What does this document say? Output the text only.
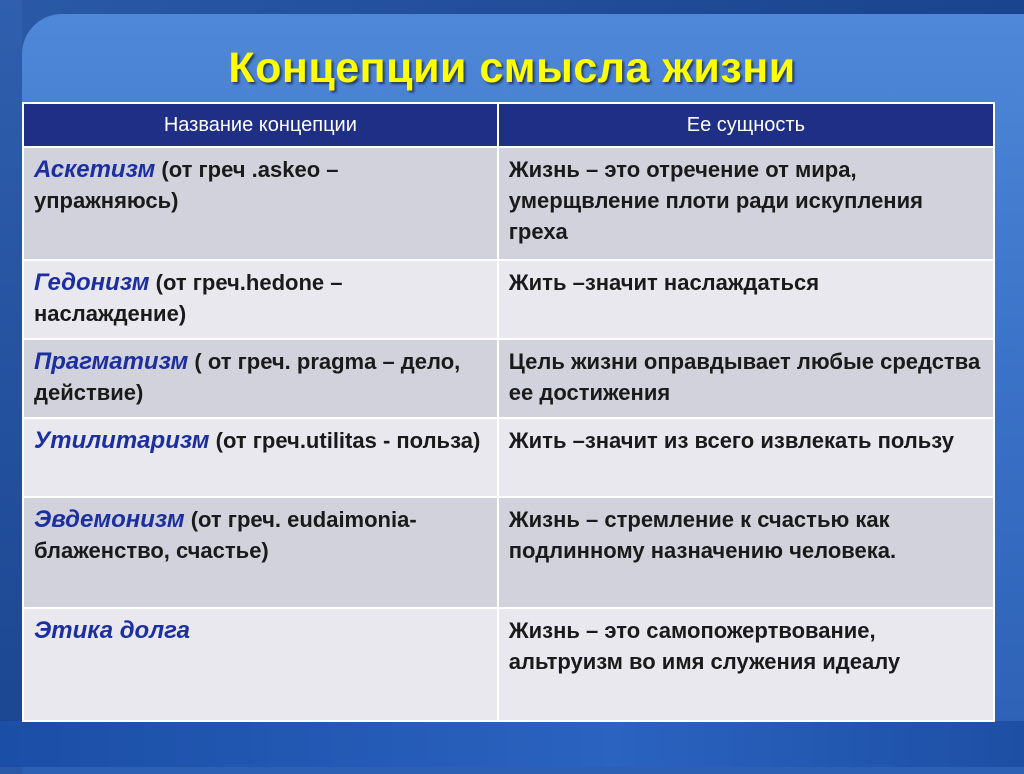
Концепции смысла жизни
Название концепции	Ее сущность
Аскетизм (от греч .askeo – упражняюсь)	Жизнь – это отречение от мира, умерщвление плоти ради искупления греха
Гедонизм (от греч.hedone – наслаждение)	Жить –значит наслаждаться
Прагматизм ( от греч. pragma – дело, действие)	Цель жизни оправдывает любые средства ее достижения
Утилитаризм (от греч.utilitas - польза)	Жить –значит из всего извлекать пользу
Эвдемонизм (от греч. eudaimonia-блаженство, счастье)	Жизнь – стремление к счастью как подлинному назначению человека.
Этика долга	Жизнь – это самопожертвование, альтруизм во имя служения идеалу
